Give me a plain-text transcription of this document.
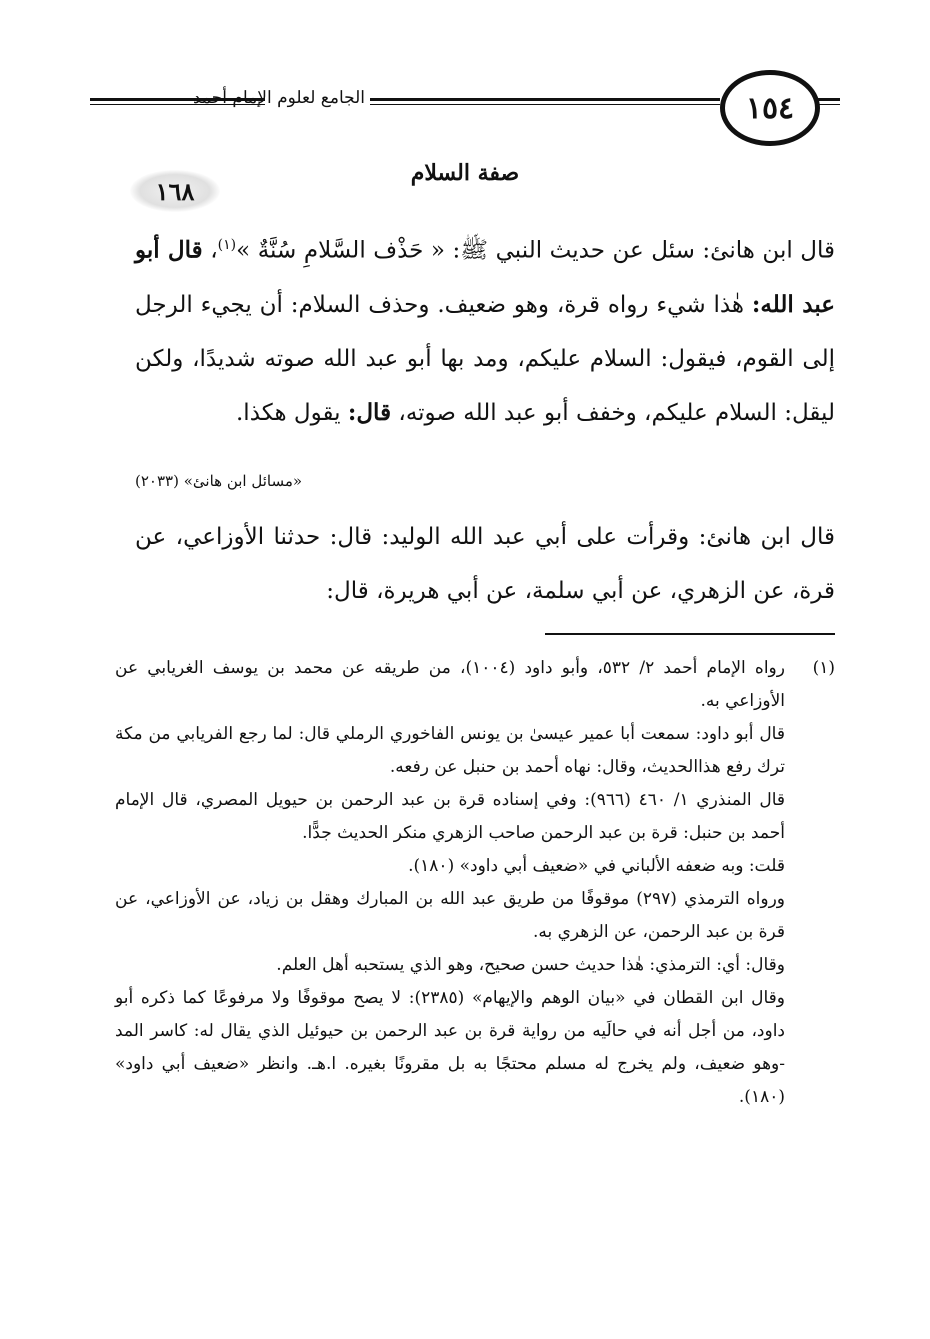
الجامع لعلوم الإمام أحمد	١٥٤
صفة السلام
١٦٨

قال ابن هانئ: سئل عن حديث النبي ﷺ: « حَذْف السَّلامِ سُنَّةٌ »$^{(١)}$، قال أبو عبد الله: هٰذا شيء رواه قرة، وهو ضعيف. وحذف السلام: أن يجيء الرجل إلى القوم، فيقول: السلام عليكم، ومد بها أبو عبد الله صوته شديدًا، ولكن ليقل: السلام عليكم، وخفف أبو عبد الله صوته، قال: يقول هكذا.

«مسائل ابن هانئ» (٢٠٣٣)
قال ابن هانئ: وقرأت على أبي عبد الله الوليد: قال: حدثنا الأوزاعي، عن قرة، عن الزهري، عن أبي سلمة، عن أبي هريرة، قال:
(١)

رواه الإمام أحمد ٢/ ٥٣٢، وأبو داود (١٠٠٤)، من طريقه عن محمد بن يوسف الغريابي عن الأوزاعي به.

قال أبو داود: سمعت أبا عمير عيسىٰ بن يونس الفاخوري الرملي قال: لما رجع الفريابي من مكة ترك رفع هذاالحديث، وقال: نهاه أحمد بن حنبل عن رفعه.

قال المنذري ١/ ٤٦٠ (٩٦٦): وفي إسناده قرة بن عبد الرحمن بن حيويل المصري، قال الإمام أحمد بن حنبل: قرة بن عبد الرحمن صاحب الزهري منكر الحديث جدًّا.

قلت: وبه ضعفه الألباني في «ضعيف أبي داود» (١٨٠).

ورواه الترمذي (٢٩٧) موقوفًا من طريق عبد الله بن المبارك وهقل بن زياد، عن الأوزاعي، عن قرة بن عبد الرحمن، عن الزهري به.

وقال: أي: الترمذي: هٰذا حديث حسن صحيح، وهو الذي يستحبه أهل العلم.

وقال ابن القطان في «بيان الوهم والإيهام» (٢٣٨٥): لا يصح موقوفًا ولا مرفوعًا كما ذكره أبو داود، من أجل أنه في حالَيه من رواية قرة بن عبد الرحمن بن حيوئيل الذي يقال له: كاسر المد -وهو ضعيف، ولم يخرج له مسلم محتجًا به بل مقرونًا بغيره. ا.هـ. وانظر «ضعيف أبي داود» (١٨٠).
